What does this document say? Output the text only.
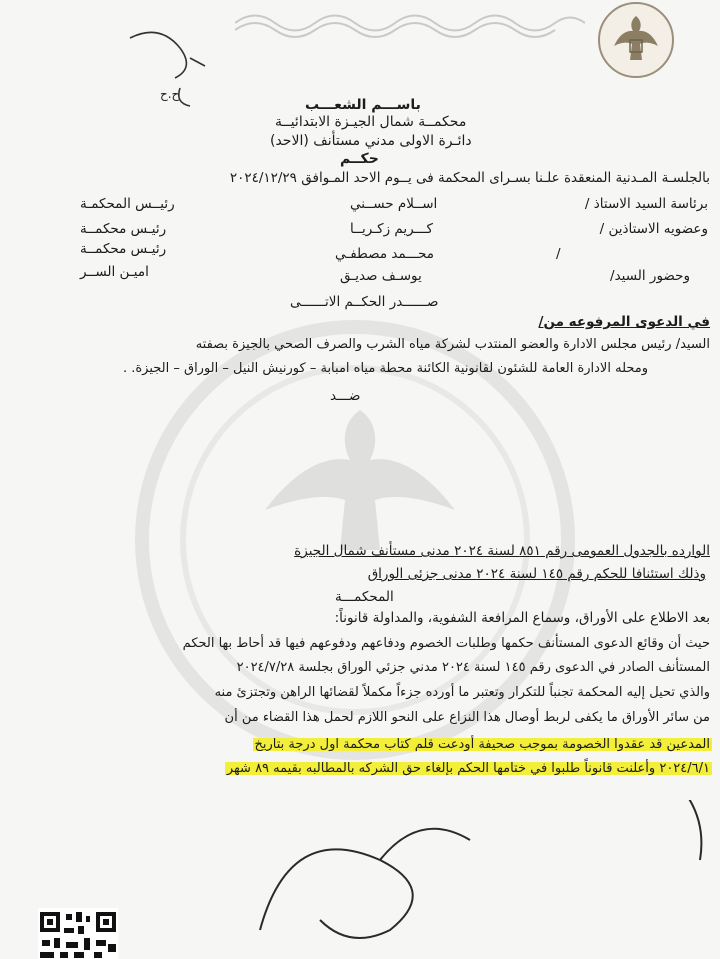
ح.ح
باســـم الشعـــب
محكمــة شمال الجيـزة الابتدائيــة
دائـرة الاولى مدني مستأنف (الاحد)
حكــم
بالجلسـة المـدنية المنعقدة علـنا بسـراى المحكمة فى يــوم الاحد المـوافق ٢٠٢٤/١٢/٢٩
برئاسة السيد الاستاذ /
اســلام حســني
رئيــس المحكمـة
وعضويه الاستاذين /
كـــريم زكـريــا
رئيـس محكمــة
/
محـــمد مصطفـي
رئيـس محكمــة
وحضور السيد/
يوسـف صديـق
اميـن الســر
صــــــدر الحكــم الاتــــــى
في الدعوى المرفوعه من/
السيد/ رئيس مجلس الادارة والعضو المنتدب لشركة مياه الشرب والصرف الصحي بالجيزة بصفته
ومحله الادارة العامة للشئون لقانونية الكائنة محطة مياه امبابة – كورنيش النيل – الوراق – الجيزة. .
ضـــد
الوارده بالجدول العمومى رقم ٨٥١ لسنة ٢٠٢٤ مدنى مستأنف شمال الجيزة
وذلك استئنافا للحكم رقم ١٤٥ لسنة ٢٠٢٤ مدنى جزئى الوراق
المحكمـــة
بعد الاطلاع على الأوراق، وسماع المرافعة الشفوية، والمداولة قانوناً:
حيث أن وقائع الدعوى المستأنف حكمها وطلبات الخصوم ودفاعهم ودفوعهم فيها قد أحاط بها الحكم
المستأنف الصادر في الدعوى رقم ١٤٥ لسنة ٢٠٢٤ مدني جزئي الوراق بجلسة ٢٠٢٤/٧/٢٨
والذي تحيل إليه المحكمة تجنباً للتكرار وتعتبر ما أورده جزءاً مكملاً لقضائها الراهن وتجتزئ منه
من سائر الأوراق ما يكفى لربط أوصال هذا النزاع على النحو اللازم لحمل هذا القضاء من أن
المدعين قد عقدوا الخصومة بموجب صحيفة أودعت قلم كتاب محكمة اول درجة بتاريخ
٢٠٢٤/٦/١ وأعلنت قانوناً طلبوا في ختامها الحكم بإلغاء حق الشركه بالمطالبه بقيمه ٨٩ شهر
